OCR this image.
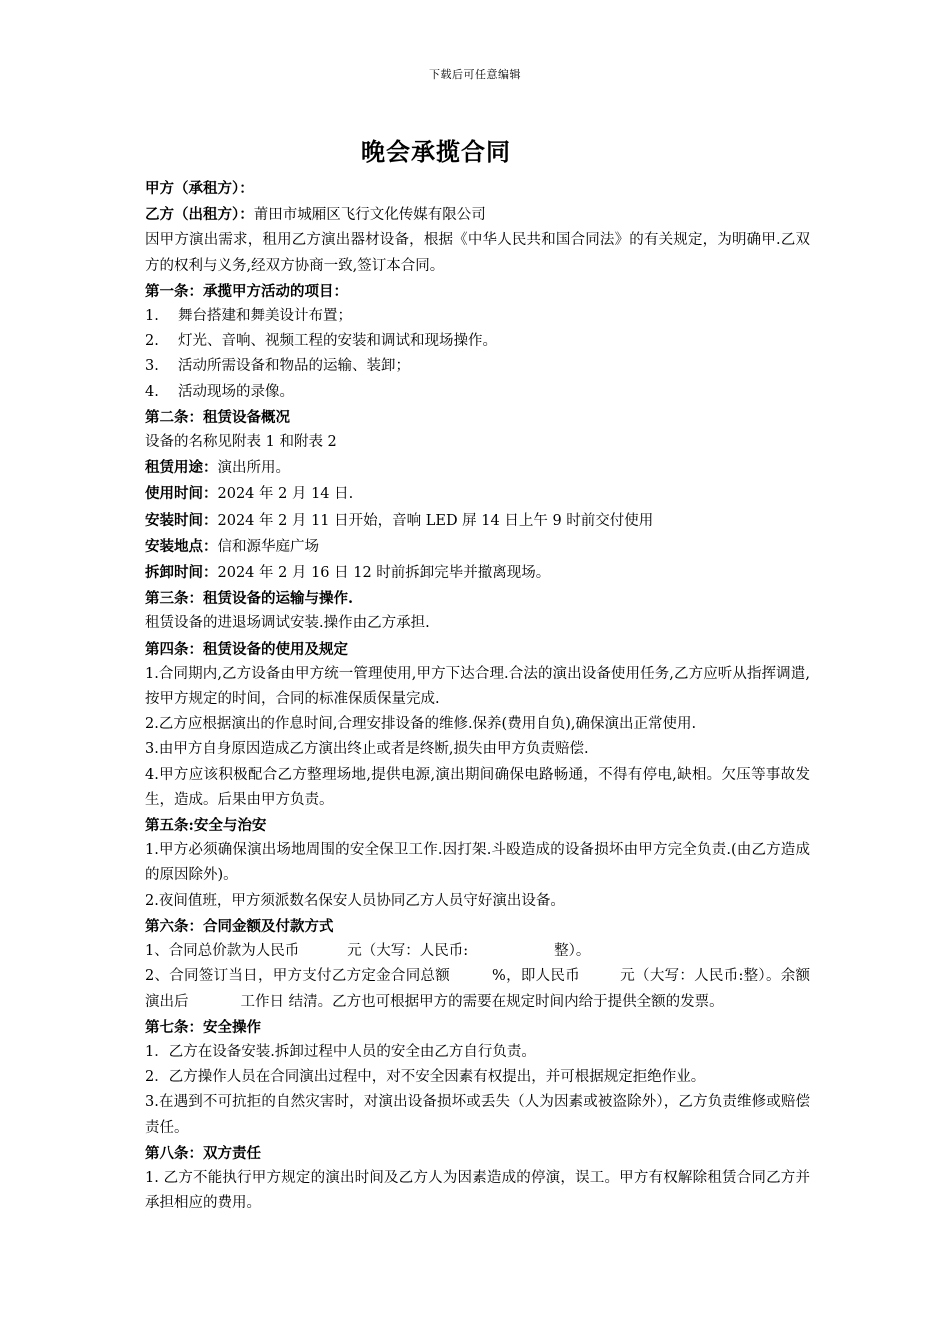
下载后可任意编辑
晚会承揽合同
甲方（承租方）：
乙方（出租方）：莆田市城厢区飞行文化传媒有限公司
因甲方演出需求，租用乙方演出器材设备，根据《中华人民共和国合同法》的有关规定，为明确甲.乙双方的权利与义务,经双方协商一致,签订本合同。
第一条：承揽甲方活动的项目：
1. 舞台搭建和舞美设计布置；
2. 灯光、音响、视频工程的安装和调试和现场操作。
3. 活动所需设备和物品的运输、装卸；
4. 活动现场的录像。
第二条：租赁设备概况
设备的名称见附表 1 和附表 2
租赁用途：演出所用。
使用时间：2024 年 2 月 14 日.
安装时间：2024 年 2 月 11 日开始，音响 LED 屏 14 日上午 9 时前交付使用
安装地点：信和源华庭广场
拆卸时间：2024 年 2 月 16 日 12 时前拆卸完毕并撤离现场。
第三条：租赁设备的运输与操作.
租赁设备的进退场调试安装.操作由乙方承担.
第四条：租赁设备的使用及规定
1.合同期内,乙方设备由甲方统一管理使用,甲方下达合理.合法的演出设备使用任务,乙方应听从指挥调遣,按甲方规定的时间，合同的标准保质保量完成.
2.乙方应根据演出的作息时间,合理安排设备的维修.保养(费用自负),确保演出正常使用.
3.由甲方自身原因造成乙方演出终止或者是终断,损失由甲方负责赔偿.
4.甲方应该积极配合乙方整理场地,提供电源,演出期间确保电路畅通，不得有停电,缺相。欠压等事故发生，造成。后果由甲方负责。
第五条:安全与治安
1.甲方必须确保演出场地周围的安全保卫工作.因打架.斗殴造成的设备损坏由甲方完全负责.(由乙方造成的原因除外)。
2.夜间值班，甲方须派数名保安人员协同乙方人员守好演出设备。
第六条：合同金额及付款方式
1、合同总价款为人民币	元（大写：人民币:	整）。
2、合同签订当日，甲方支付乙方定金合同总额	%，即人民币	元（大写：人民币:整）。余额演出后	工作日 结清。乙方也可根据甲方的需要在规定时间内给于提供全额的发票。
第七条：安全操作
1．乙方在设备安装.拆卸过程中人员的安全由乙方自行负责。
2．乙方操作人员在合同演出过程中，对不安全因素有权提出，并可根据规定拒绝作业。
3.在遇到不可抗拒的自然灾害时，对演出设备损坏或丢失（人为因素或被盗除外），乙方负责维修或赔偿责任。
第八条：双方责任
1. 乙方不能执行甲方规定的演出时间及乙方人为因素造成的停演，误工。甲方有权解除租赁合同乙方并承担相应的费用。
